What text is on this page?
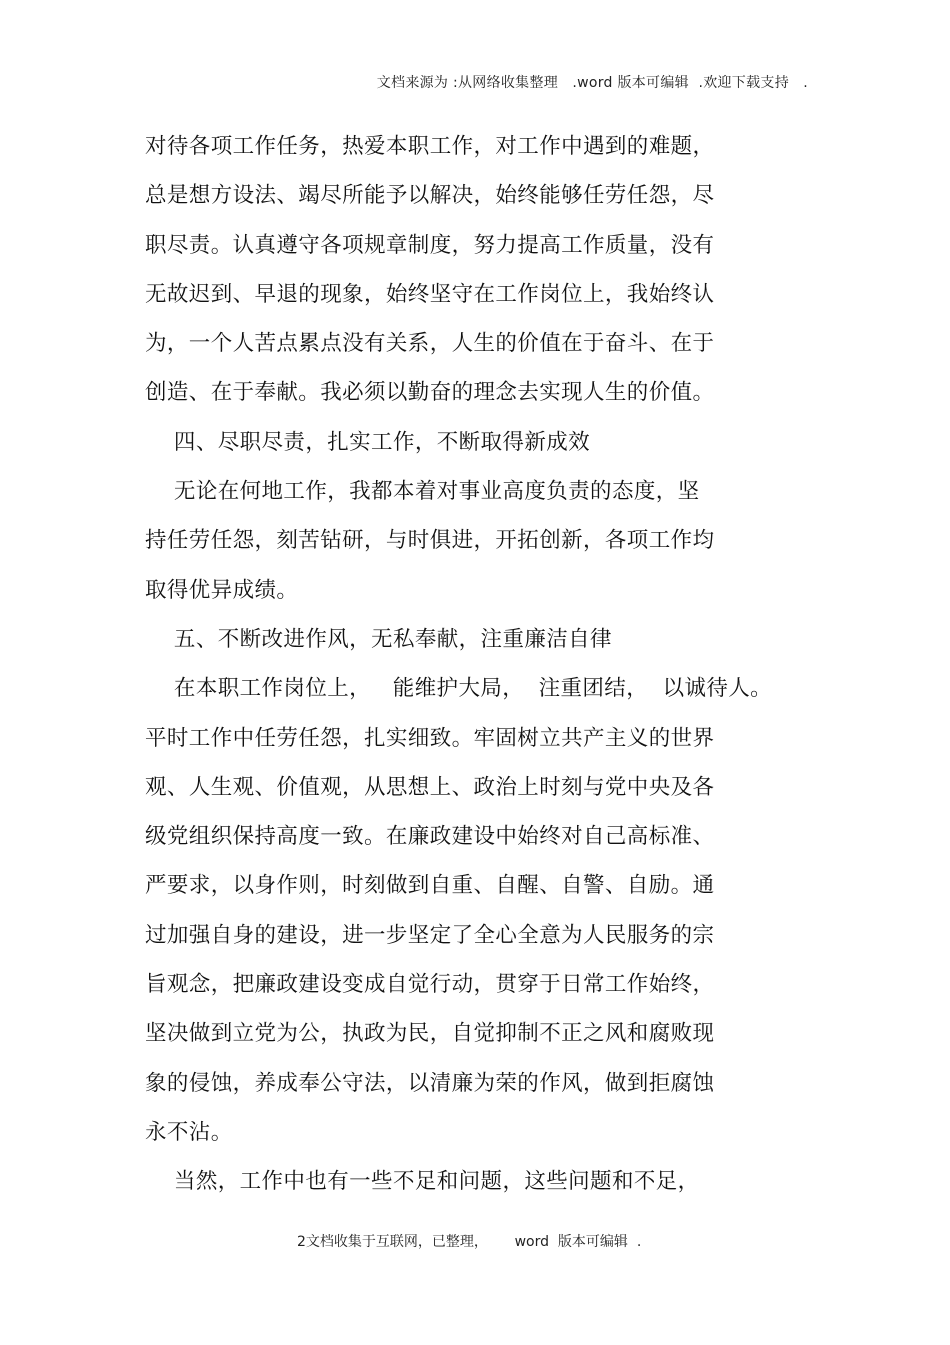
文档来源为 :从网络收集整理   .word 版本可编辑  .欢迎下载支持   .
对待各项工作任务，热爱本职工作，对工作中遇到的难题，
总是想方设法、竭尽所能予以解决，始终能够任劳任怨，尽
职尽责。认真遵守各项规章制度，努力提高工作质量，没有
无故迟到、早退的现象，始终坚守在工作岗位上，我始终认
为，一个人苦点累点没有关系，人生的价值在于奋斗、在于
创造、在于奉献。我必须以勤奋的理念去实现人生的价值。
四、尽职尽责，扎实工作，不断取得新成效
无论在何地工作，我都本着对事业高度负责的态度，坚
持任劳任怨，刻苦钻研，与时俱进，开拓创新，各项工作均
取得优异成绩。
五、不断改进作风，无私奉献，注重廉洁自律
在本职工作岗位上，   能维护大局，  注重团结，  以诚待人。
平时工作中任劳任怨，扎实细致。牢固树立共产主义的世界
观、人生观、价值观，从思想上、政治上时刻与党中央及各
级党组织保持高度一致。在廉政建设中始终对自己高标准、
严要求，以身作则，时刻做到自重、自醒、自警、自励。通
过加强自身的建设，进一步坚定了全心全意为人民服务的宗
旨观念，把廉政建设变成自觉行动，贯穿于日常工作始终，
坚决做到立党为公，执政为民，自觉抑制不正之风和腐败现
象的侵蚀，养成奉公守法，以清廉为荣的作风，做到拒腐蚀
永不沾。
当然，工作中也有一些不足和问题，这些问题和不足，
2文档收集于互联网，已整理，      word  版本可编辑  .
